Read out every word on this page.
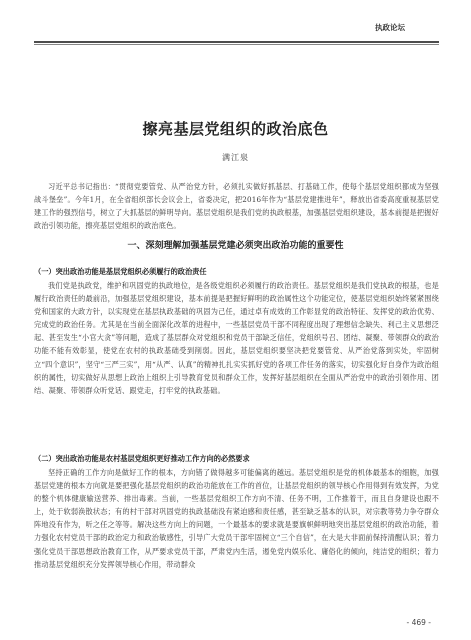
执政论坛
擦亮基层党组织的政治底色
满江泉

习近平总书记指出：“贯彻党要管党、从严治党方针，必须扎实做好抓基层、打基础工作，使每个基层党组织都成为坚强战斗堡垒”。今年1月，在全省组织部长会议会上，省委决定，把2016年作为“基层党建推进年”，释放出省委高度重视基层党建工作的强烈信号，树立了大抓基层的鲜明导向。基层党组织是我们党的执政根基，加强基层党组织建设，基本前提是把握好政治引领功能，擦亮基层党组织的政治底色。

一、深刻理解加强基层党建必须突出政治功能的重要性
（一）突出政治功能是基层党组织必须履行的政治责任

我们党是执政党，维护和巩固党的执政地位，是各级党组织必须履行的政治责任。基层党组织是我们党执政的根基，也是履行政治责任的最前沿，加强基层党组织建设，基本前提是把握好鲜明的政治属性这个功能定位，使基层党组织始终紧紧围绕党和国家的大政方针，以实现党在基层执政基础的巩固为己任，通过卓有成效的工作彰显党的政治特征、发挥党的政治优势、完成党的政治任务。尤其是在当前全面深化改革的进程中，一些基层党员干部不同程度出现了理想信念缺失、利己主义思想泛起、甚至发生“小官大贪”等问题，造成了基层群众对党组织和党员干部缺乏信任，党组织号召、团结、凝聚、带领群众的政治功能不能有效彰显，使党在农村的执政基础受到削弱。因此，基层党组织要坚决把党要管党、从严治党落到实处，牢固树立“四个意识”，坚守“三严三实”，用“从严、认真”的精神扎扎实实抓好党的各项工作任务的落实，切实强化好自身作为政治组织的属性，切实做好从思想上政治上组织上引导教育党员和群众工作，发挥好基层组织在全面从严治党中的政治引领作用、团结、凝聚、带领群众听党话、跟党走，打牢党的执政基础。

（二）突出政治功能是农村基层党组织更好推动工作方向的必然要求

坚持正确的工作方向是做好工作的根本，方向错了做得越多可能偏离的越远。基层党组织是党的机体最基本的细胞，加强基层党建的根本方向就是要把强化基层党组织的政治功能放在工作的首位，让基层党组织的领导核心作用得到有效发挥，为党的整个机体健康输送营养、排出毒素。当前，一些基层党组织工作方向不清、任务不明，工作推着干，而且自身建设也跟不上，处于软弱涣散状态；有的村干部对巩固党的执政基础没有紧迫感和责任感，甚至缺乏基本的认识，对宗教等势力争夺群众阵地没有作为，听之任之等等。解决这些方向上的问题，一个最基本的要求就是要旗帜鲜明地突出基层党组织的政治功能，着力强化农村党员干部的政治定力和政治敏感性，引导广大党员干部牢固树立“三个自信”，在大是大非面前保持清醒认识；着力强化党员干部思想政治教育工作，从严要求党员干部，严肃党内生活，遏免党内娱乐化、庸俗化的倾向，纯洁党的组织；着力推动基层党组织充分发挥领导核心作用，带动群众

- 469 -
